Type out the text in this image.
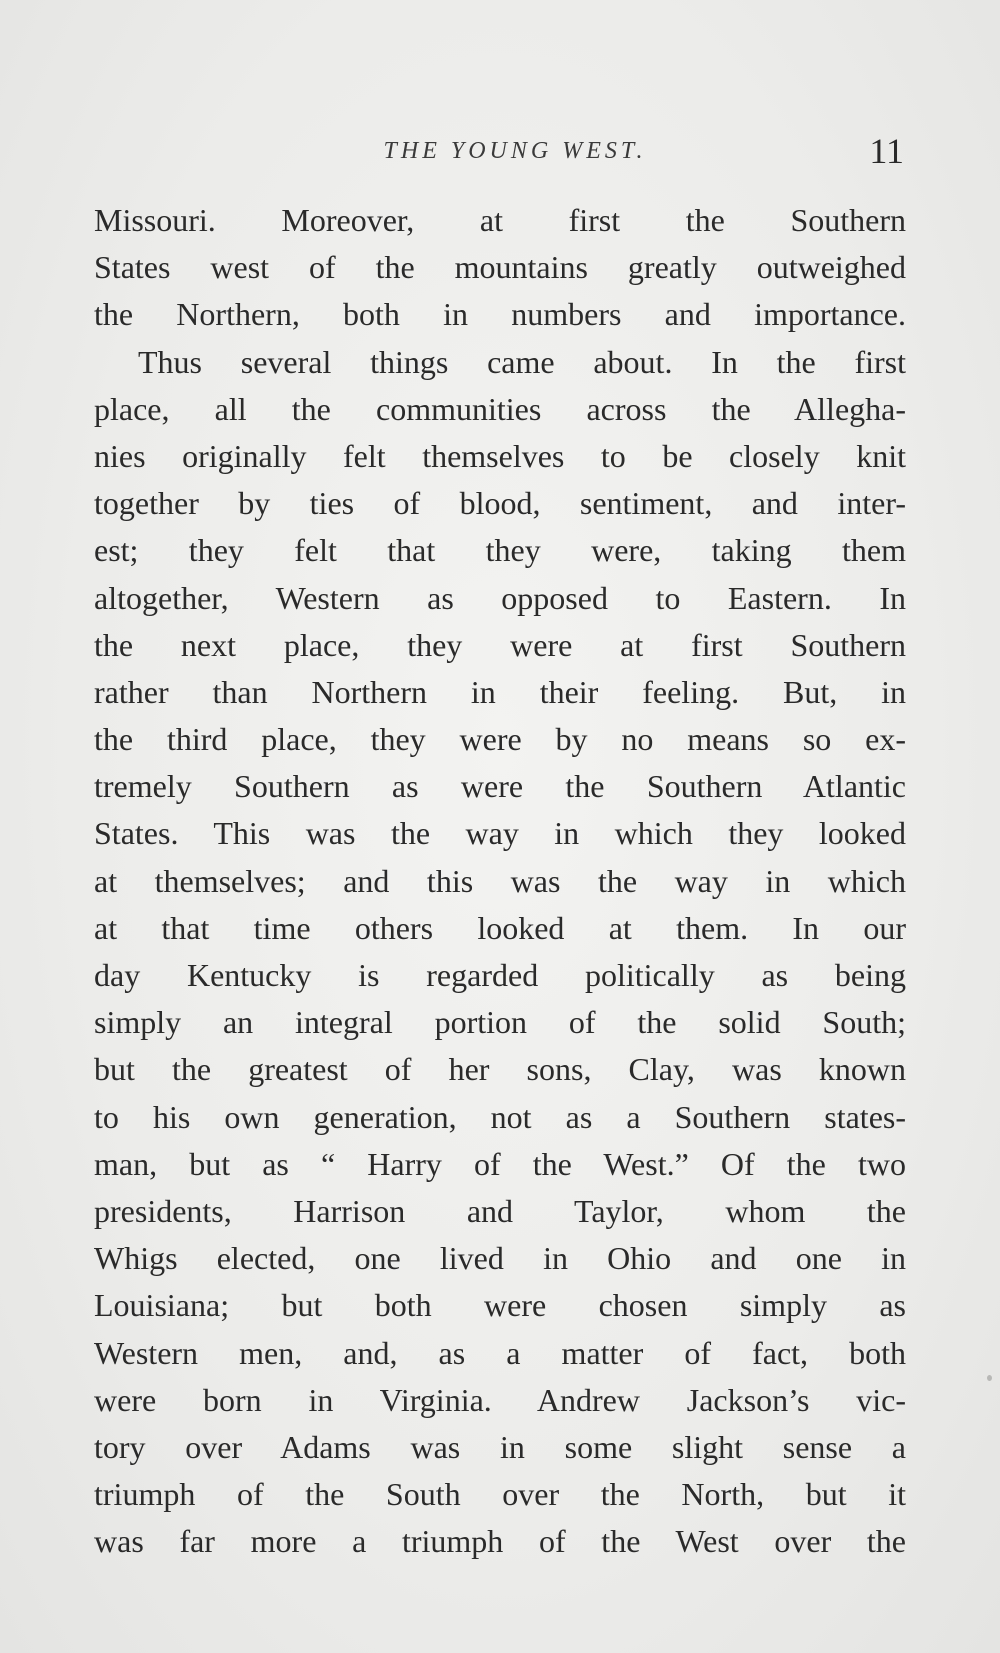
THE YOUNG WEST.	11
Missouri. Moreover, at first the Southern
States west of the mountains greatly outweighed
the Northern, both in numbers and importance.
Thus several things came about. In the first
place, all the communities across the Allegha-
nies originally felt themselves to be closely knit
together by ties of blood, sentiment, and inter-
est; they felt that they were, taking them
altogether, Western as opposed to Eastern. In
the next place, they were at first Southern
rather than Northern in their feeling. But, in
the third place, they were by no means so ex-
tremely Southern as were the Southern Atlantic
States. This was the way in which they looked
at themselves; and this was the way in which
at that time others looked at them. In our
day Kentucky is regarded politically as being
simply an integral portion of the solid South;
but the greatest of her sons, Clay, was known
to his own generation, not as a Southern states-
man, but as “ Harry of the West.” Of the two
presidents, Harrison and Taylor, whom the
Whigs elected, one lived in Ohio and one in
Louisiana; but both were chosen simply as
Western men, and, as a matter of fact, both
were born in Virginia. Andrew Jackson’s vic-
tory over Adams was in some slight sense a
triumph of the South over the North, but it
was far more a triumph of the West over the
